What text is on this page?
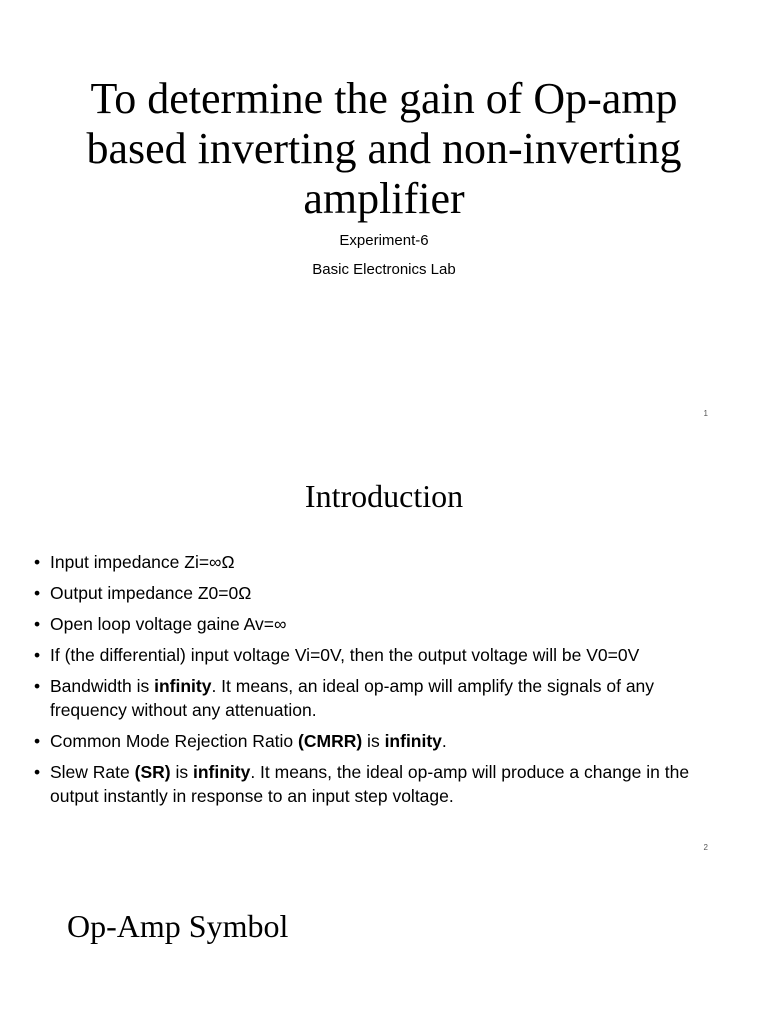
To determine the gain of Op-amp based inverting and non-inverting amplifier
Experiment-6
Basic Electronics Lab
1
Introduction
• Input impedance Zi=∞Ω
• Output impedance Z0=0Ω
• Open loop voltage gaine Av=∞
• If (the differential) input voltage Vi=0V, then the output voltage will be V0=0V
• Bandwidth is infinity. It means, an ideal op-amp will amplify the signals of any frequency without any attenuation.
• Common Mode Rejection Ratio (CMRR) is infinity.
• Slew Rate (SR) is infinity. It means, the ideal op-amp will produce a change in the output instantly in response to an input step voltage.
2
Op-Amp Symbol
